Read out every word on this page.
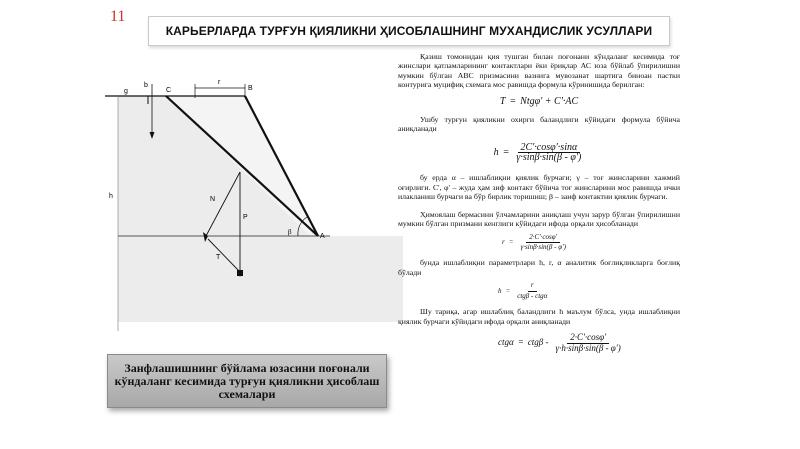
11
КАРЬЕРЛАРДА ТУРҒУН ҚИЯЛИКНИ ҲИСОБЛАШНИНГ МУХАНДИСЛИК УСУЛЛАРИ
g
b
C
r
B
h	N
P
T
β
A
Занфлашишнинг бўйлама юзасини поғонали кўндаланг кесимида турғун қияликни ҳисоблаш схемалари

Қазиш томонидан қия тушган билан поғонани кўндаланг кесимида тоғ жинслари қатламларининг контактлари ёки ёриқлар АС юза бўйлаб ўпирилишни мумкин бўлган АВС призмасини вазнига мувозанат шартига биноан пастки контурига муцифиқ схемага мос равишда формула кўринишида берилган:

T = Ntgφ' + C'·AC

Ушбу турғун қияликни охирги баландлиги кўйидаги формула бўйича аниқланади

$h = \frac{2C'\cdot\cos\varphi'\cdot\sin\alpha}{\gamma\cdot\sin\beta\cdot\sin(\beta - \varphi')}$

бу ерда α – ишлаблиқни қиялик бурчаги; γ – тоғ жинсларини хажмий оғирлиги. C', φ' – жуда ҳам зиф контакт бўйича тоғ жинсларини мос равишда ички илакланиш бурчаги ва бўр бирлик торишиш; β – заиф контактни қиялик бурчаги.

Ҳимоялаш бермасини ўлчамларини аниқлаш учун зарур бўлган ўпирилишни мумкин бўлган призмани кенглиги кўйидаги ифода орқали ҳисобланади

$r = \frac{2\cdot C'\cdot\cos\varphi'}{\gamma\cdot\sin\beta\cdot\sin(\beta - \varphi')}$

бунда ишлаблиқни параметрлари h, r, α аналитик боғлиқликларга боғлиқ бўлади

$h = \frac{r}{\text{ctgβ - ctgα}}$

Шу тариқа, агар ишлаблиқ баландлиги h маълум бўлса, унда ишлаблиқни қиялик бурчаги кўйидаги ифода орқали аниқланади

$ctg\alpha = ctg\beta - \frac{2\cdot C'\cdot\cos\varphi'}{\gamma\cdot h\cdot\sin\beta\cdot\sin(\beta - \varphi')}$
